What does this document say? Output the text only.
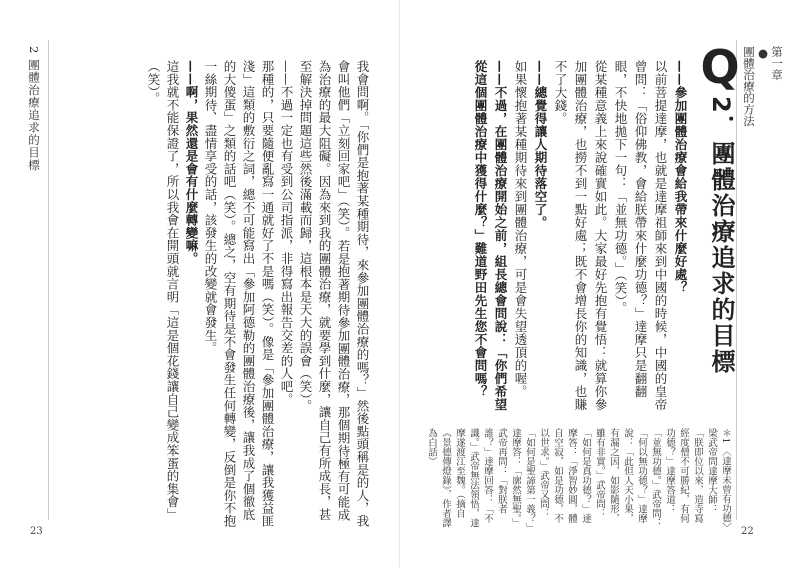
第一章
●
團體治療的方法
22
Q
2．團體治療追求的目標

——參加團體治療會給我帶來什麼好處？

以前菩提達摩，也就是達摩祖師來到中國的時候，中國的皇帝曾問：「俗仰佛教，會給朕帶來什麼功德？」達摩只是翻翻眼，不快地拋下一句：「並無功德。」（笑）。

從某種意義上來說確實如此。大家最好先抱有覺悟：就算你參加團體治療，也撈不到一點好處；既不會增長你的知識，也賺不了大錢。

——總覺得讓人期待落空了。

如果懷抱著某種期待來到團體治療，可是會失望透頂的喔。

——不過，在團體治療開始之前，組長總會問說：「你們希望從這個團體治療中獲得什麼？」難道野田先生您不會問嗎？

＊1 〈達摩未曾有功德〉梁武帝問達摩大師：「朕即位以來，造寺寫經度僧不可勝紀，有何功德？」達摩答道：「並無功德。」武帝問：「何以無功德？」達摩說：「此但人天小果，有漏之因，如影隨形，雖有非實。」武帝問：「如何是真功德？」達摩答：「淨智妙圓，體自空寂，如是功德，不以世求。」武帝又問：「如何是聖諦第一義？」達摩答：「廓然無聖。」武帝再問：「對朕者誰？」達摩回答：「不識。」武帝無法領悟，達摩遂渡江至魏。（摘自《景德傳燈錄》，作者譯為白話）
2 團體治療追求的目標
23

我會問啊。「你們是抱著某種期待，來參加團體治療的嗎？」然後點頭稱是的人，我會叫他們「立刻回家吧」（笑）。若是抱著期待參加團體治療，那個期待極有可能成為治療的最大阻礙。因為來到我的團體治療，就要學到什麼，讓自己有所成長，甚至解決掉問題這些然後滿載而歸，這根本是天大的誤會（笑）。

——不過一定也有受到公司指派，非得寫出報告交差的人吧。

那種的，只要隨便亂寫一通就好了不是嗎（笑）。像是「參加團體治療，讓我獲益匪淺」這類的敷衍之詞，總不可能寫出「參加阿德勒的團體治療後，讓我成了個徹底的大傻蛋」之類的話吧（笑）。總之，空有期待是不會發生任何轉變，反倒是你不抱一絲期待、盡情享受的話，該發生的改變就會發生。

——啊，果然還是會有什麼轉變嘛。

這我就不能保證了，所以我會在開頭就言明「這是個花錢讓自己變成笨蛋的集會」（笑）。
